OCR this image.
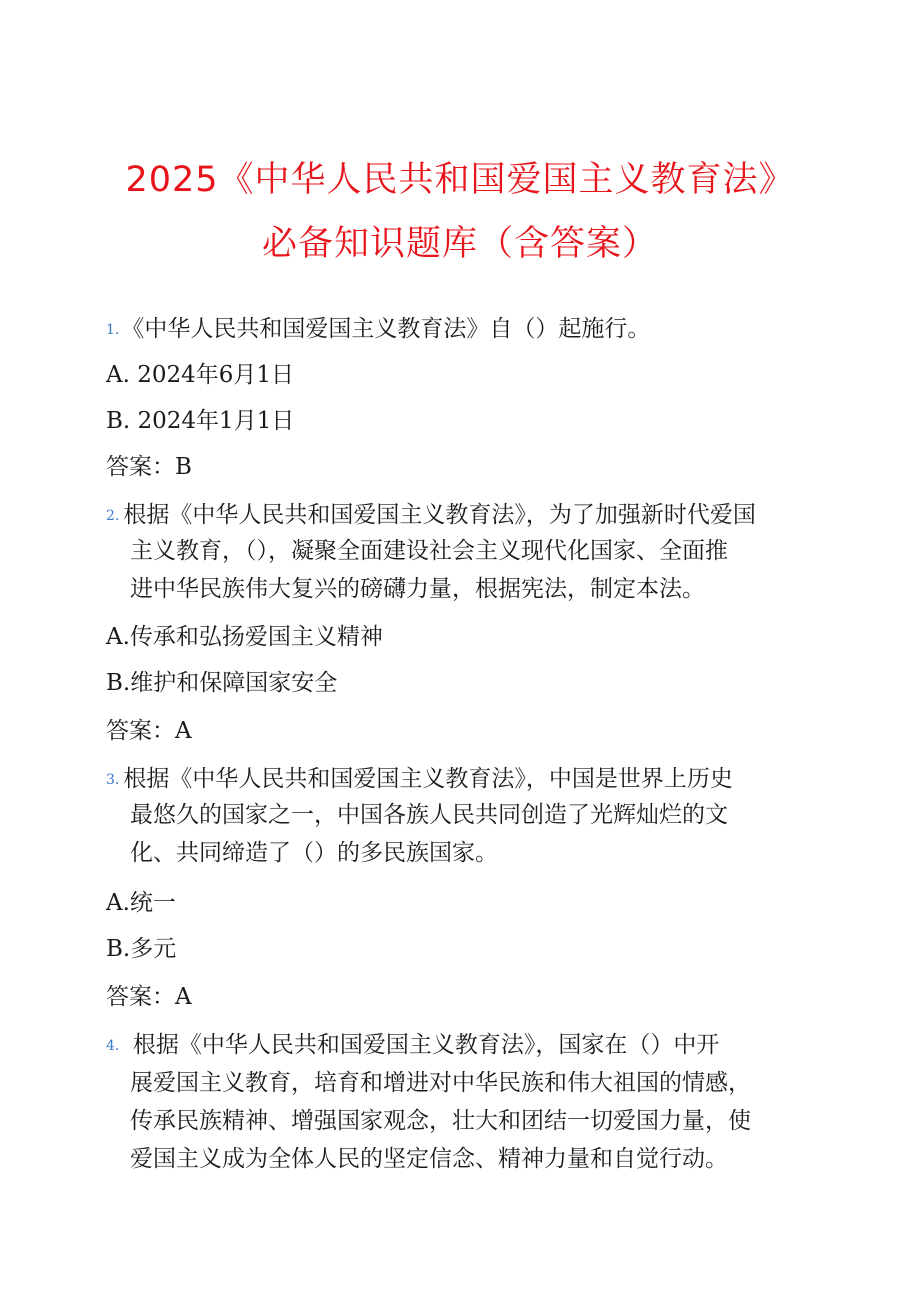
2025《中华人民共和国爱国主义教育法》
必备知识题库（含答案）
1． 《中华人民共和国爱国主义教育法》自（）起施行。
A. 2024年6月1日
B. 2024年1月1日
答案：B
2. 根据《中华人民共和国爱国主义教育法》，为了加强新时代爱国
主义教育，（），凝聚全面建设社会主义现代化国家、全面推
进中华民族伟大复兴的磅礴力量，根据宪法，制定本法。
A.传承和弘扬爱国主义精神
B.维护和保障国家安全
答案：A
3. 根据《中华人民共和国爱国主义教育法》，中国是世界上历史
最悠久的国家之一，中国各族人民共同创造了光辉灿烂的文
化、共同缔造了（）的多民族国家。
A.统一
B.多元
答案：A
4． 根据《中华人民共和国爱国主义教育法》，国家在（）中开
展爱国主义教育，培育和增进对中华民族和伟大祖国的情感，
传承民族精神、增强国家观念，壮大和团结一切爱国力量，使
爱国主义成为全体人民的坚定信念、精神力量和自觉行动。
